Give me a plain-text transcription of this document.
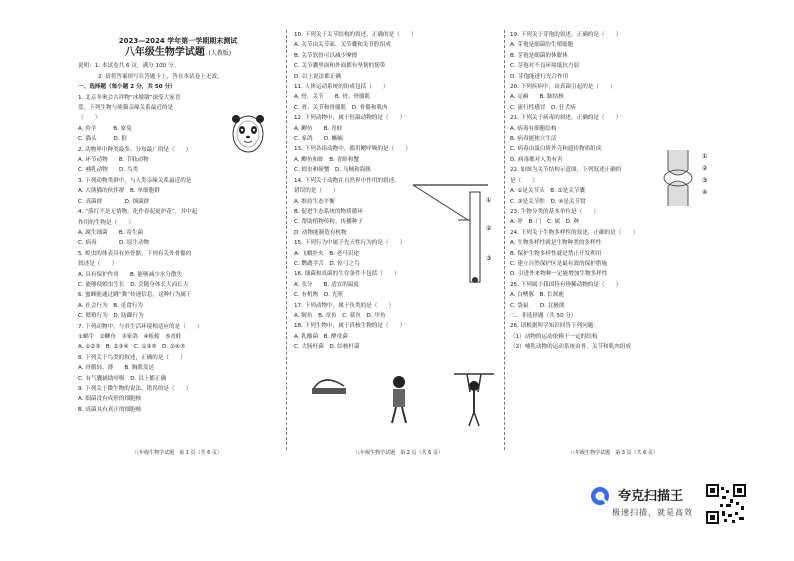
2023—2024 学年第一学期期末测试
八年级生物学试题 (人教版)
说明：1. 本试卷共 6 页，满分 100 分。
2. 请将答案填写在答题卡上，答在本试卷上无效。
一、选择题（每小题 2 分，共 50 分）
1. 北京冬奥会吉祥物“冰墩墩”深受大家喜
爱，下列生物与熊猫亲缘关系最近的是
（　　）
A. 羚羊　　　B. 家兔
C. 猫头　　　D. 狼
2. 动物界中种类最多、分布最广的是（　　）
A. 环节动物　　B. 节肢动物
C. 哺乳动物　　D. 鸟类
3. 下列动物类群中，与人类亲缘关系最近的是
A. 大熊猫的伙伴群　B. 单细胞群
C. 真菌群　　　　D. 细菌群
4. “落红不是无情物，化作春泥更护花”，其中起
作用的生物是（　　）
A. 腐生细菌　　B. 寄生菌
C. 病毒　　　　D. 原生动物
5. 蝗虫的体表具有外骨骼，下列有关外骨骼的
叙述是（　　）
A. 具有保护作用　　B. 能够减少水分散失
C. 能够使蝗虫生长　D. 会随身体长大而长大
6. 蜜蜂能通过跳“舞”传递信息，这种行为属于
A. 社会行为　B. 觅食行为
C. 繁殖行为　D. 防御行为
7. 下列动物中，与其生活环境相适应的是（　　）
①蜗牛　②鲫鱼　③家鸽　④蚯蚓　⑤青蛙
A. ①②③　B. ②③④　C. ①③⑤　D. ②④⑤
8. 下列关于鸟类的叙述，正确的是（　　）
A. 骨骼轻、薄　　B. 胸肌发达
C. 有气囊辅助呼吸　D. 以上都正确
9. 下列关于微生物的说法，错误的是（　　）
A. 细菌没有成形的细胞核
B. 真菌具有真正的细胞核
八年级生物学试题　第 1 页（共 6 页）
10. 下列关于关节结构的叙述，正确的是（　　）
A. 关节由关节面、关节囊和关节腔组成
B. 关节软骨可以减少摩擦
C. 关节囊里面和外面都有坚韧的韧带
D. 以上说法都正确
11. 人体运动系统的组成包括（　　）
A. 骨、关节　　B. 骨、骨骼肌
C. 骨、关节和骨骼肌　D. 骨骼和肌肉
12. 下列动物中，属于恒温动物的是（　　）
A. 鲫鱼　　B. 青蛙
C. 家鸽　　D. 蜥蜴
13. 下列各组动物中，都用鳃呼吸的是（　　）
A. 鲫鱼和虾　B. 青蛙和蟹
C. 蝗虫和螃蟹　D. 乌贼和海豚
14. 下列关于动物在自然界中作用的叙述，
错误的是（　　）
A. 维持生态平衡
B. 促进生态系统的物质循环
C. 帮助植物传粉、传播种子
D. 动物能制造有机物
15. 下列行为中属于先天性行为的是（　　）
A. 飞蛾扑火　B. 老马识途
C. 鹦鹉学舌　D. 惊弓之鸟
16. 细菌和真菌的生存条件不包括（　　）
A. 水分　　B. 适宜的温度
C. 有机物　D. 光照
17. 下列动物中，属于鱼类的是（　　）
A. 鲸鱼　B. 章鱼　C. 鲨鱼　D. 甲鱼
18. 下列生物中，属于真核生物的是（　　）
A. 乳酸菌　B. 酵母菌
C. 大肠杆菌　D. 结核杆菌
八年级生物学试题　第 2 页（共 6 页）
19. 下列关于芽孢的叙述，正确的是（　　）
A. 芽孢是细菌的生殖细胞
B. 芽孢是细菌的休眠体
C. 芽孢对不良环境抵抗力弱
D. 芽孢能进行光合作用
20. 下列疾病中，由真菌引起的是（　　）
A. 足癣　　B. 肺结核
C. 流行性感冒　D. 狂犬病
21. 下列关于病毒的叙述，正确的是（　　）
A. 病毒有细胞结构
B. 病毒能独立生活
C. 病毒由蛋白质外壳和遗传物质组成
D. 病毒都对人类有害
22. 如图为关节结构示意图，下列叙述正确的
是（　　）
A. ①是关节头　B. ②是关节囊
C. ③是关节腔　D. ④是关节窝
23. 生物分类的基本单位是（　　）
A. 界　B. 门　C. 属　D. 种
24. 下列关于生物多样性的叙述，正确的是（　　）
A. 生物多样性就是生物种类的多样性
B. 保护生物多样性就是禁止开发利用
C. 建立自然保护区是最有效的保护措施
D. 引进外来物种一定能增加生物多样性
25. 下列属于我国特有珍稀动物的是（　　）
A. 白鳍豚　B. 长颈鹿
C. 袋鼠　　D. 北极熊
二、非选择题（共 50 分）
26. 请根据所学知识回答下列问题：
（1）动物的运动依赖于一定的结构
（2）哺乳动物的运动系统由骨、关节和肌肉组成
八年级生物学试题　第 3 页（共 6 页）
①
②
③
①
②
③
④
夸克扫描王
极速扫描，就是高效
